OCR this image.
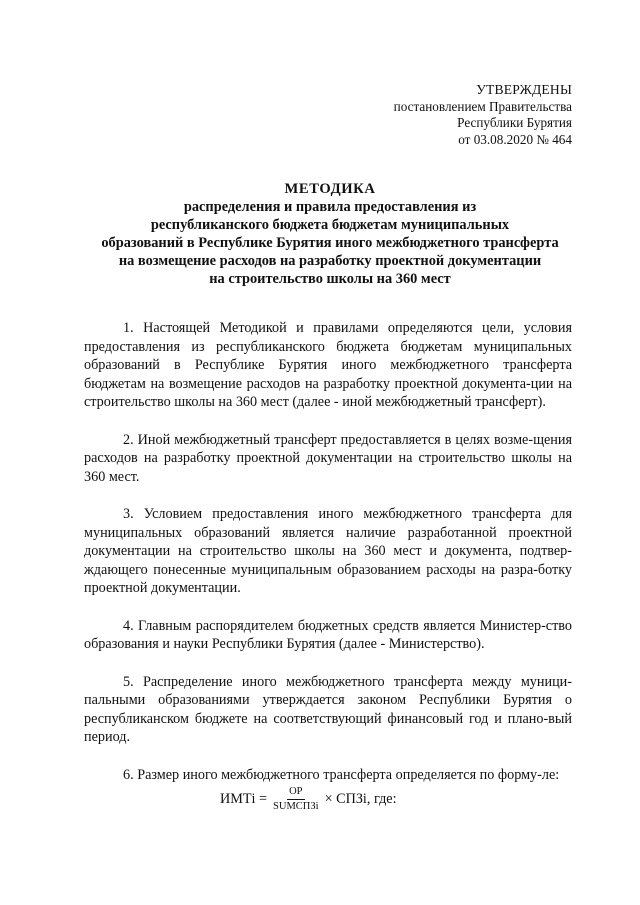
УТВЕРЖДЕНЫ
постановлением Правительства
Республики Бурятия
от 03.08.2020 № 464
МЕТОДИКА
распределения и правила предоставления из
республиканского бюджета бюджетам муниципальных
образований в Республике Бурятия иного межбюджетного трансферта
на возмещение расходов на разработку проектной документации
на строительство школы на 360 мест

1. Настоящей Методикой и правилами определяются цели, условия предоставления из республиканского бюджета бюджетам муниципальных образований в Республике Бурятия иного межбюджетного трансферта бюджетам на возмещение расходов на разработку проектной документа-ции на строительство школы на 360 мест (далее - иной межбюджетный трансферт).

2. Иной межбюджетный трансферт предоставляется в целях возме-щения расходов на разработку проектной документации на строительство школы на 360 мест.

3. Условием предоставления иного межбюджетного трансферта для муниципальных образований является наличие разработанной проектной документации на строительство школы на 360 мест и документа, подтвер-ждающего понесенные муниципальным образованием расходы на разра-ботку проектной документации.

4. Главным распорядителем бюджетных средств является Министер-ство образования и науки Республики Бурятия (далее - Министерство).

5. Распределение иного межбюджетного трансферта между муници-пальными образованиями утверждается законом Республики Бурятия о республиканском бюджете на соответствующий финансовый год и плано-вый период.

6. Размер иного межбюджетного трансферта определяется по форму-ле:

ИМТi = $\frac{ОР}{\text{SUMСПЗi}}$ × СПЗi, где:
